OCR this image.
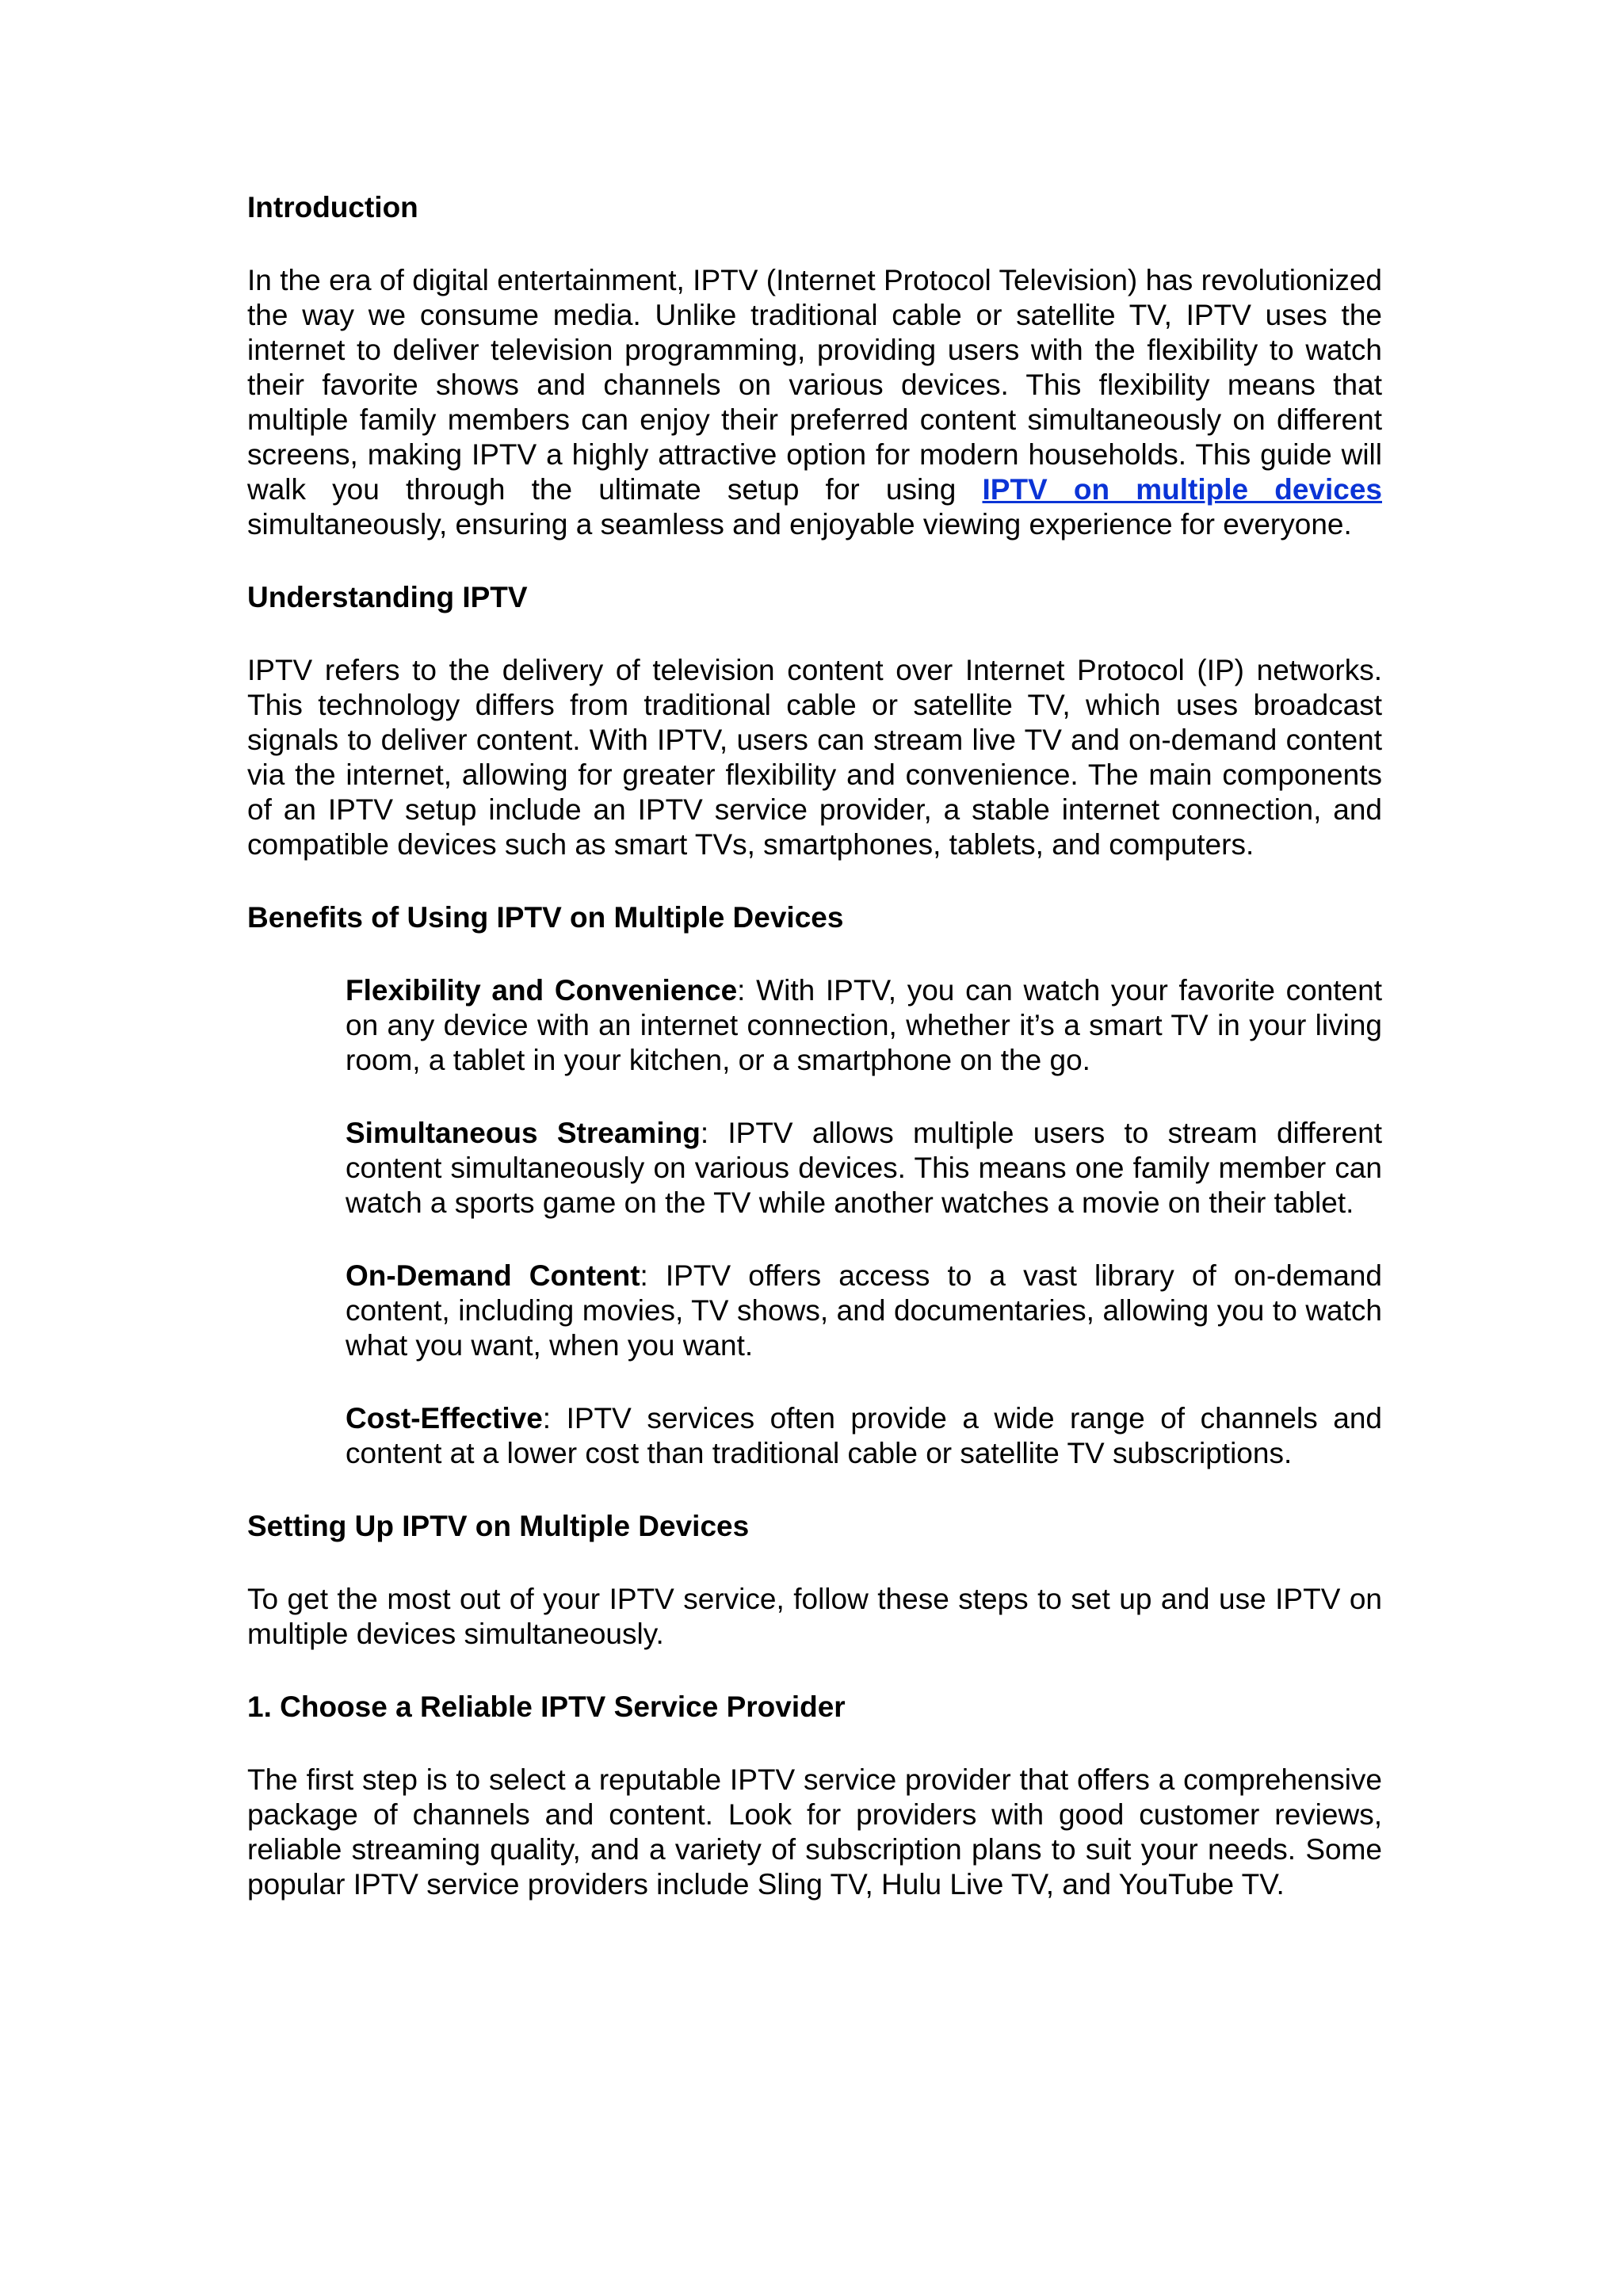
Introduction

In the era of digital entertainment, IPTV (Internet Protocol Television) has revolutionized the way we consume media. Unlike traditional cable or satellite TV, IPTV uses the internet to deliver television programming, providing users with the flexibility to watch their favorite shows and channels on various devices. This flexibility means that multiple family members can enjoy their preferred content simultaneously on different screens, making IPTV a highly attractive option for modern households. This guide will walk you through the ultimate setup for using IPTV on multiple devices simultaneously, ensuring a seamless and enjoyable viewing experience for everyone.

Understanding IPTV

IPTV refers to the delivery of television content over Internet Protocol (IP) networks. This technology differs from traditional cable or satellite TV, which uses broadcast signals to deliver content. With IPTV, users can stream live TV and on-demand content via the internet, allowing for greater flexibility and convenience. The main components of an IPTV setup include an IPTV service provider, a stable internet connection, and compatible devices such as smart TVs, smartphones, tablets, and computers.

Benefits of Using IPTV on Multiple Devices

Flexibility and Convenience: With IPTV, you can watch your favorite content on any device with an internet connection, whether it’s a smart TV in your living room, a tablet in your kitchen, or a smartphone on the go.

Simultaneous Streaming: IPTV allows multiple users to stream different content simultaneously on various devices. This means one family member can watch a sports game on the TV while another watches a movie on their tablet.

On-Demand Content: IPTV offers access to a vast library of on-demand content, including movies, TV shows, and documentaries, allowing you to watch what you want, when you want.

Cost-Effective: IPTV services often provide a wide range of channels and content at a lower cost than traditional cable or satellite TV subscriptions.

Setting Up IPTV on Multiple Devices

To get the most out of your IPTV service, follow these steps to set up and use IPTV on multiple devices simultaneously.

1. Choose a Reliable IPTV Service Provider

The first step is to select a reputable IPTV service provider that offers a comprehensive package of channels and content. Look for providers with good customer reviews, reliable streaming quality, and a variety of subscription plans to suit your needs. Some popular IPTV service providers include Sling TV, Hulu Live TV, and YouTube TV.
